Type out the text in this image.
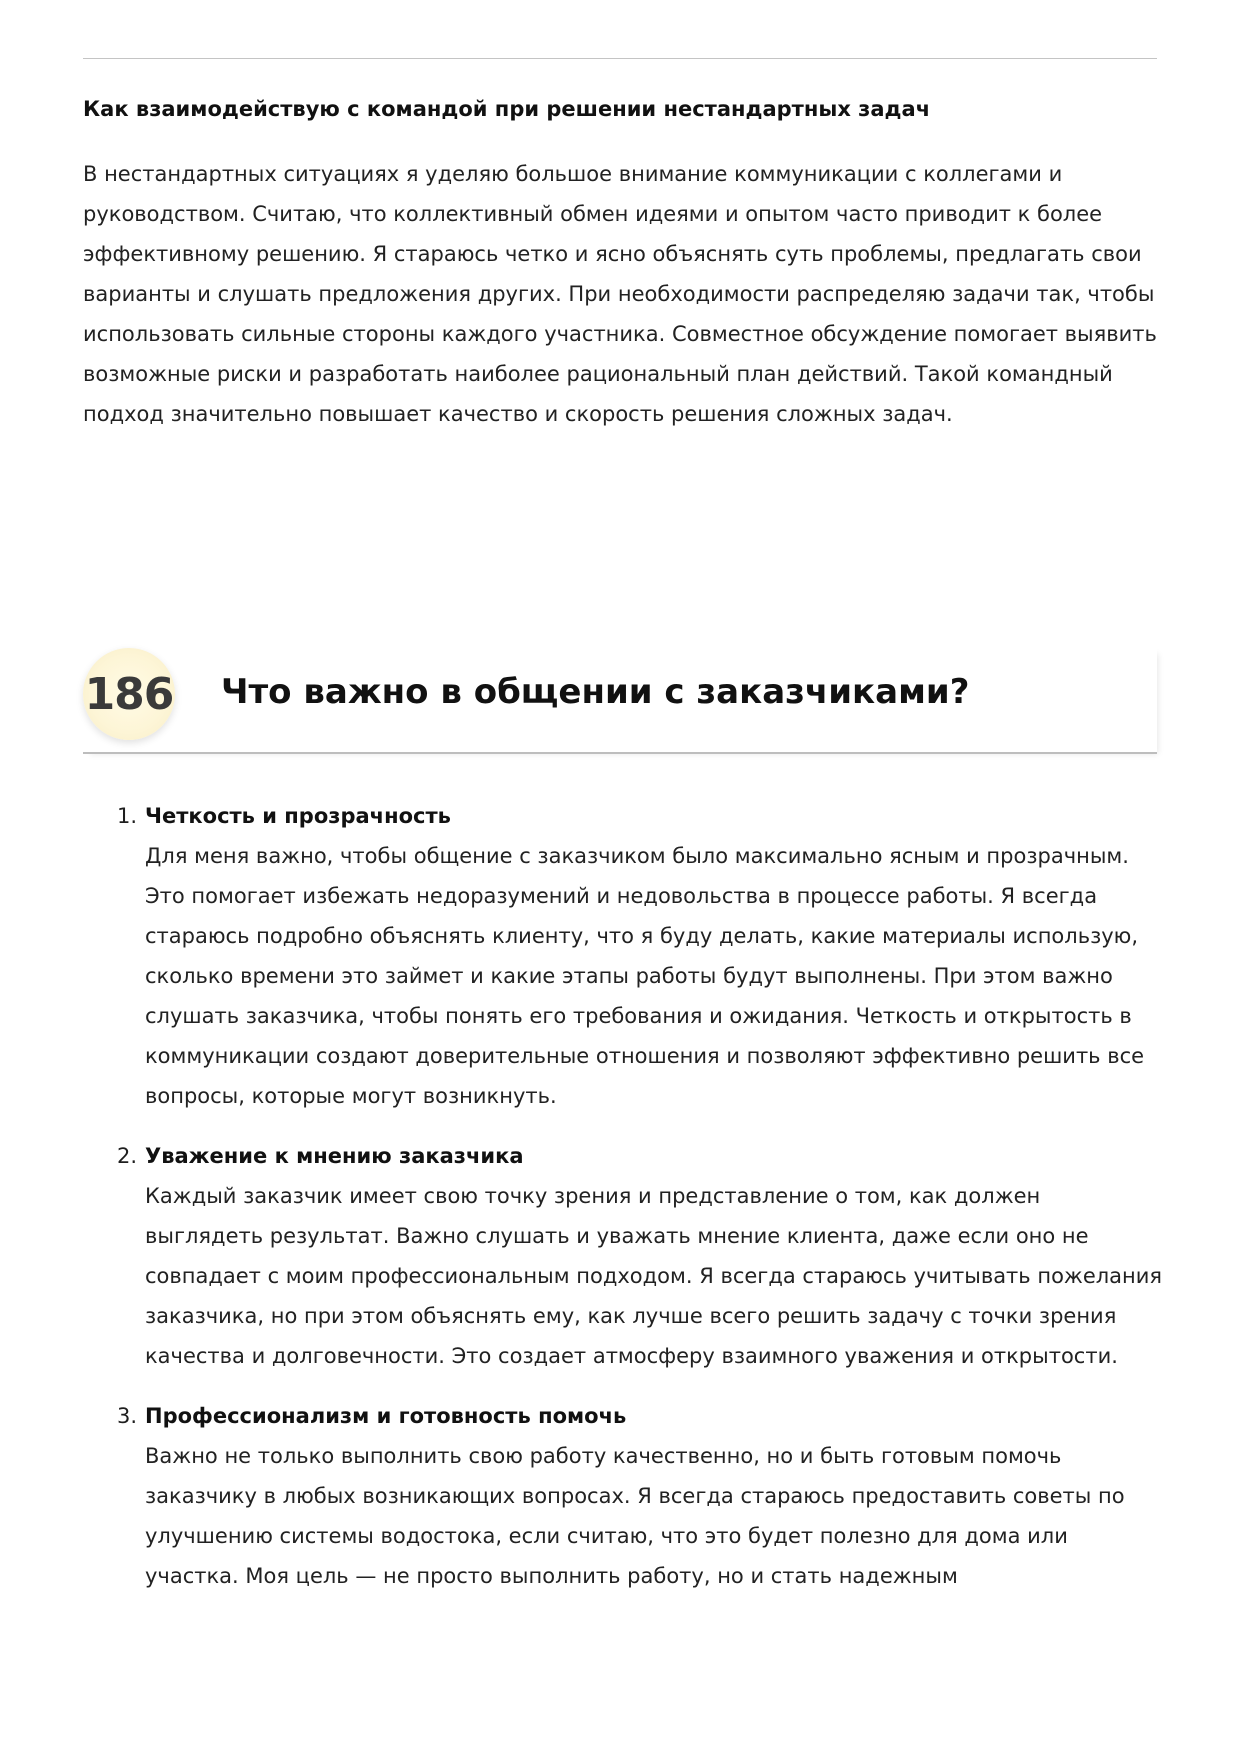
Как взаимодействую с командой при решении нестандартных задач

В нестандартных ситуациях я уделяю большое внимание коммуникации с коллегами и руководством. Считаю, что коллективный обмен идеями и опытом часто приводит к более эффективному решению. Я стараюсь четко и ясно объяснять суть проблемы, предлагать свои варианты и слушать предложения других. При необходимости распределяю задачи так, чтобы использовать сильные стороны каждого участника. Совместное обсуждение помогает выявить возможные риски и разработать наиболее рациональный план действий. Такой командный подход значительно повышает качество и скорость решения сложных задач.

186 Что важно в общении с заказчиками?
1. Четкость и прозрачность

Для меня важно, чтобы общение с заказчиком было максимально ясным и прозрачным. Это помогает избежать недоразумений и недовольства в процессе работы. Я всегда стараюсь подробно объяснять клиенту, что я буду делать, какие материалы использую, сколько времени это займет и какие этапы работы будут выполнены. При этом важно слушать заказчика, чтобы понять его требования и ожидания. Четкость и открытость в коммуникации создают доверительные отношения и позволяют эффективно решить все вопросы, которые могут возникнуть.

2. Уважение к мнению заказчика

Каждый заказчик имеет свою точку зрения и представление о том, как должен выглядеть результат. Важно слушать и уважать мнение клиента, даже если оно не совпадает с моим профессиональным подходом. Я всегда стараюсь учитывать пожелания заказчика, но при этом объяснять ему, как лучше всего решить задачу с точки зрения качества и долговечности. Это создает атмосферу взаимного уважения и открытости.

3. Профессионализм и готовность помочь

Важно не только выполнить свою работу качественно, но и быть готовым помочь заказчику в любых возникающих вопросах. Я всегда стараюсь предоставить советы по улучшению системы водостока, если считаю, что это будет полезно для дома или участка. Моя цель — не просто выполнить работу, но и стать надежным
